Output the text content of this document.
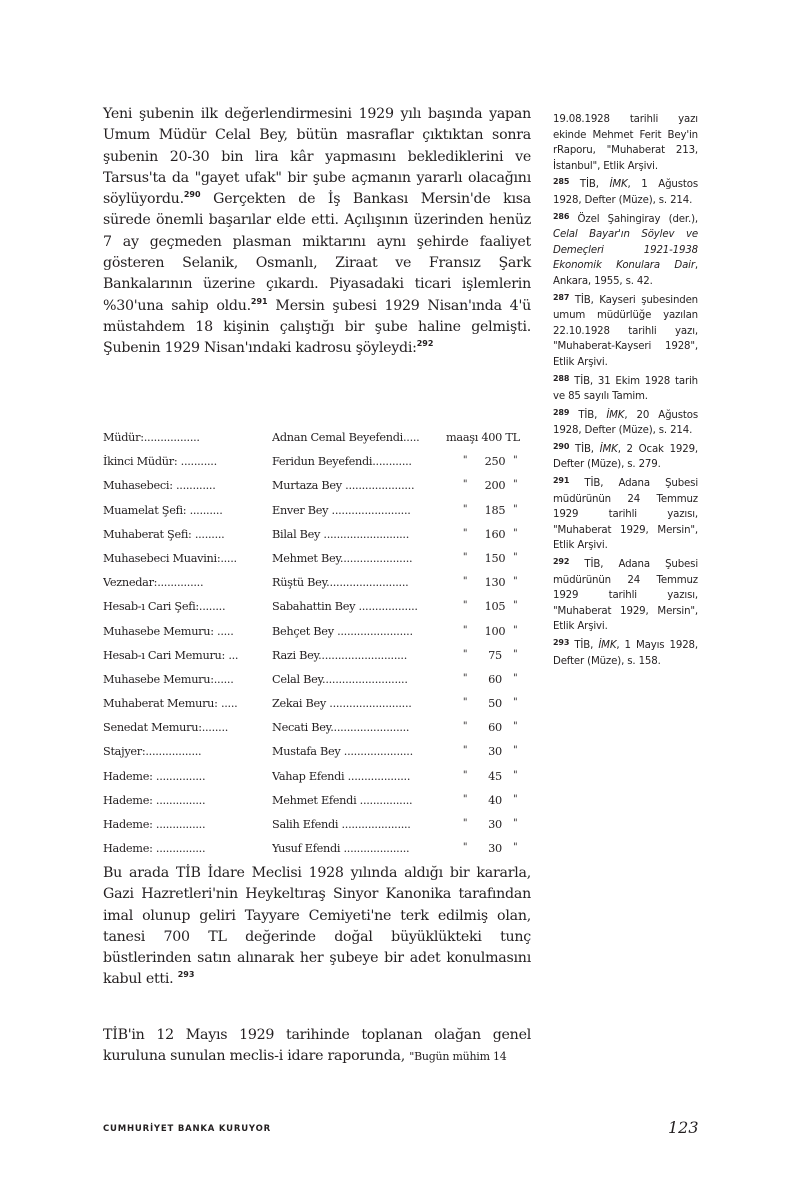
Yeni şubenin ilk değerlendirmesini 1929 yılı başında yapan Umum Müdür Celal Bey, bütün masraflar çıktıktan sonra şubenin 20-30 bin lira kâr yapmasını beklediklerini ve Tarsus'ta da "gayet ufak" bir şube açmanın yararlı olacağını söylüyordu.$^{290}$ Gerçekten de İş Bankası Mersin'de kısa sürede önemli başarılar elde etti. Açılışının üzerinden henüz 7 ay geçmeden plasman miktarını aynı şehirde faaliyet gösteren Selanik, Osmanlı, Ziraat ve Fransız Şark Bankalarının üzerine çıkardı. Piyasadaki ticari işlemlerin %30'una sahip oldu.$^{291}$ Mersin şubesi 1929 Nisan'ında 4'ü müstahdem 18 kişinin çalıştığı bir şube haline gelmişti. Şubenin 1929 Nisan'ındaki kadrosu şöyleydi:$^{292}$

Müdür:.................	Adnan Cemal Beyefendi.....	maaşı 400 TL
İkinci Müdür: ...........	Feridun Beyefendi............	"	250 "
Muhasebeci: ............	Murtaza Bey .....................	"	200 "
Muamelat Şefi: ..........	Enver Bey ........................	"	185 "
Muhaberat Şefi: .........	Bilal Bey ..........................	"	160 "
Muhasebeci Muavini:.....	Mehmet Bey......................	"	150 "
Veznedar:..............	Rüştü Bey.........................	"	130 "
Hesab-ı Cari Şefi:........	Sabahattin Bey ..................	"	105 "
Muhasebe Memuru: .....	Behçet Bey .......................	"	100 "
Hesab-ı Cari Memuru: ...	Razi Bey...........................	"	75	"
Muhasebe Memuru:......	Celal Bey..........................	"	60	"
Muhaberat Memuru: .....	Zekai Bey .........................	"	50	"
Senedat Memuru:........	Necati Bey........................	"	60	"
Stajyer:.................	Mustafa Bey .....................	"	30	"
Hademe: ...............	Vahap Efendi ...................	"	45	"
Hademe: ...............	Mehmet Efendi ................	"	40	"
Hademe: ...............	Salih Efendi .....................	"	30	"
Hademe: ...............	Yusuf Efendi ....................	"	30	"

Bu arada TİB İdare Meclisi 1928 yılında aldığı bir kararla, Gazi Hazretleri'nin Heykeltıraş Sinyor Kanonika tarafından imal olunup geliri Tayyare Cemiyeti'ne terk edilmiş olan, tanesi 700 TL değerinde doğal büyüklükteki tunç büstlerinden satın alınarak her şubeye bir adet konulmasını kabul etti. $^{293}$

TİB'in 12 Mayıs 1929 tarihinde toplanan olağan genel kuruluna sunulan meclis-i idare raporunda, "Bugün mühim 14

19.08.1928 tarihli yazı ekinde Mehmet Ferit Bey'in rRaporu, "Muhaberat 213, İstanbul", Etlik Arşivi.

$^{285}$ TİB, İMK, 1 Ağustos 1928, Defter (Müze), s. 214.

$^{286}$ Özel Şahingiray (der.), Celal Bayar'ın Söylev ve Demeçleri 1921-1938 Ekonomik Konulara Dair, Ankara, 1955, s. 42.

$^{287}$ TİB, Kayseri şubesinden umum müdürlüğe yazılan 22.10.1928 tarihli yazı, "Muhaberat-Kayseri 1928", Etlik Arşivi.

$^{288}$ TİB, 31 Ekim 1928 tarih ve 85 sayılı Tamim.

$^{289}$ TİB, İMK, 20 Ağustos 1928, Defter (Müze), s. 214.

$^{290}$ TİB, İMK, 2 Ocak 1929, Defter (Müze), s. 279.

$^{291}$ TİB, Adana Şubesi müdürünün 24 Temmuz 1929 tarihli yazısı, "Muhaberat 1929, Mersin", Etlik Arşivi.

$^{292}$ TİB, Adana Şubesi müdürünün 24 Temmuz 1929 tarihli yazısı, "Muhaberat 1929, Mersin", Etlik Arşivi.

$^{293}$ TİB, İMK, 1 Mayıs 1928, Defter (Müze), s. 158.

CUMHURİYET BANKA KURUYOR	123
